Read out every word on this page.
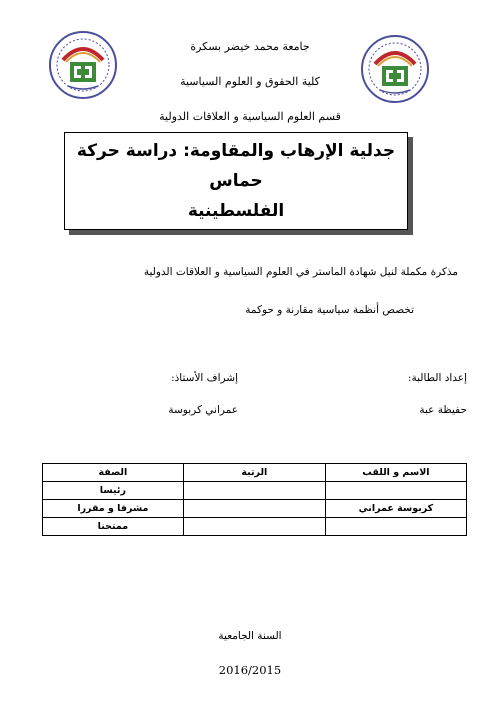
جامعة محمد خيضر بسكرة
كلية الحقوق و العلوم السياسية
قسم العلوم السياسية و العلاقات الدولية
جدلية الإرهاب والمقاومة: دراسة حركة حماس
الفلسطينية
مذكرة مكملة لنيل شهادة الماستر في العلوم السياسية و العلاقات الدولية
تخصص أنظمة سياسية مقارنة و حوكمة
إعداد الطالبة:
حفيظة عبة
إشراف الأستاذ:
عمراني كربوسة
الاسم و اللقب	الرتبة	الصفة
		رئيسا
كربوسة عمراني		مشرفا و مقررا
		ممتحنا
السنة الجامعية
2016/2015
